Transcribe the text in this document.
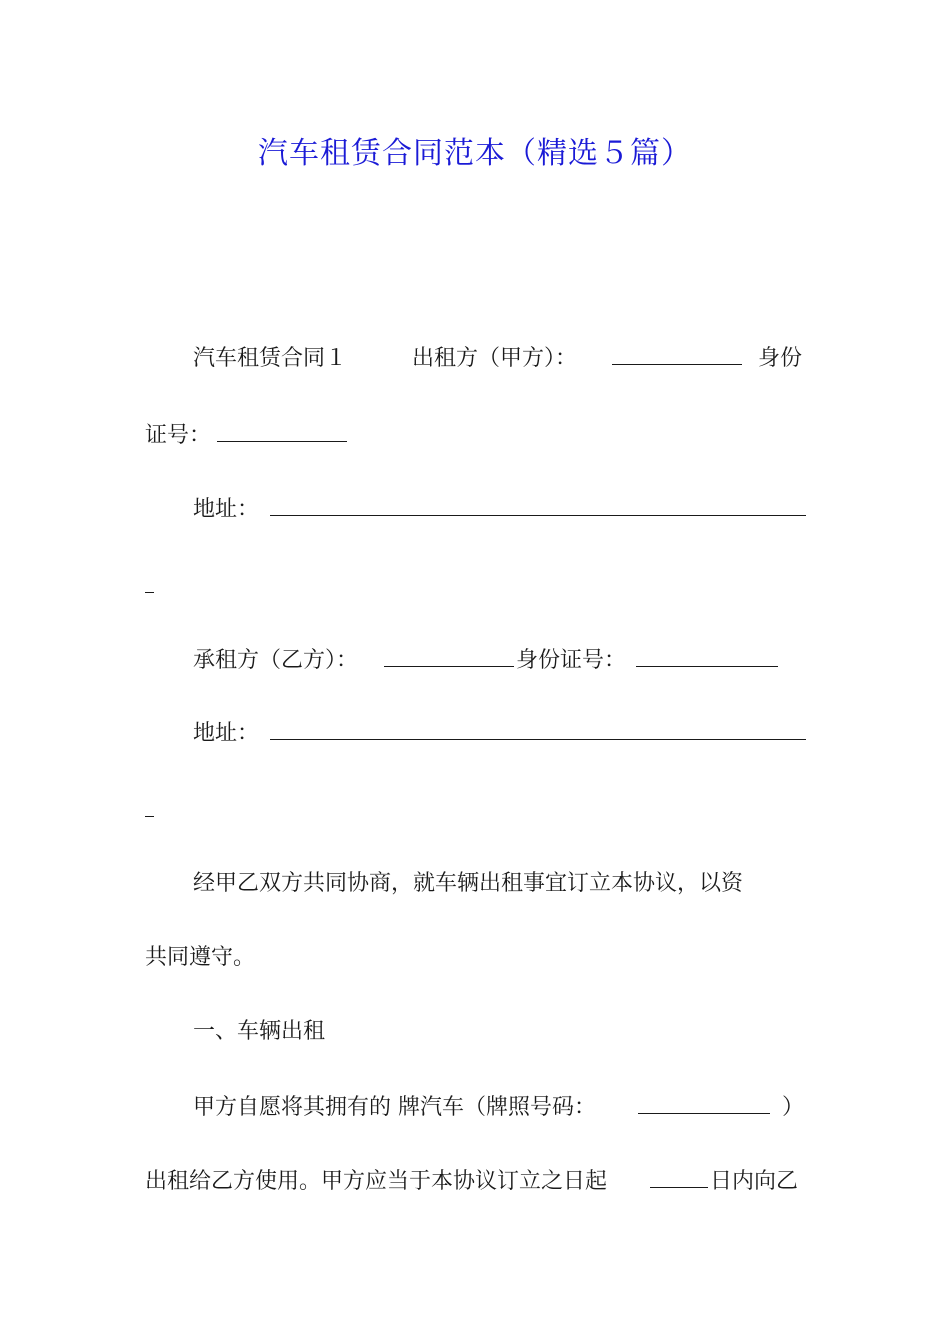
汽车租赁合同范本（精选５篇）
汽车租赁合同１	出租方（甲方）：	身份
证号：
地址：
承租方（乙方）：	身份证号：
地址：
经甲乙双方共同协商，就车辆出租事宜订立本协议，以资
共同遵守。
一、车辆出租
甲方自愿将其拥有的 牌汽车（牌照号码：	）
出租给乙方使用。甲方应当于本协议订立之日起	日内向乙
